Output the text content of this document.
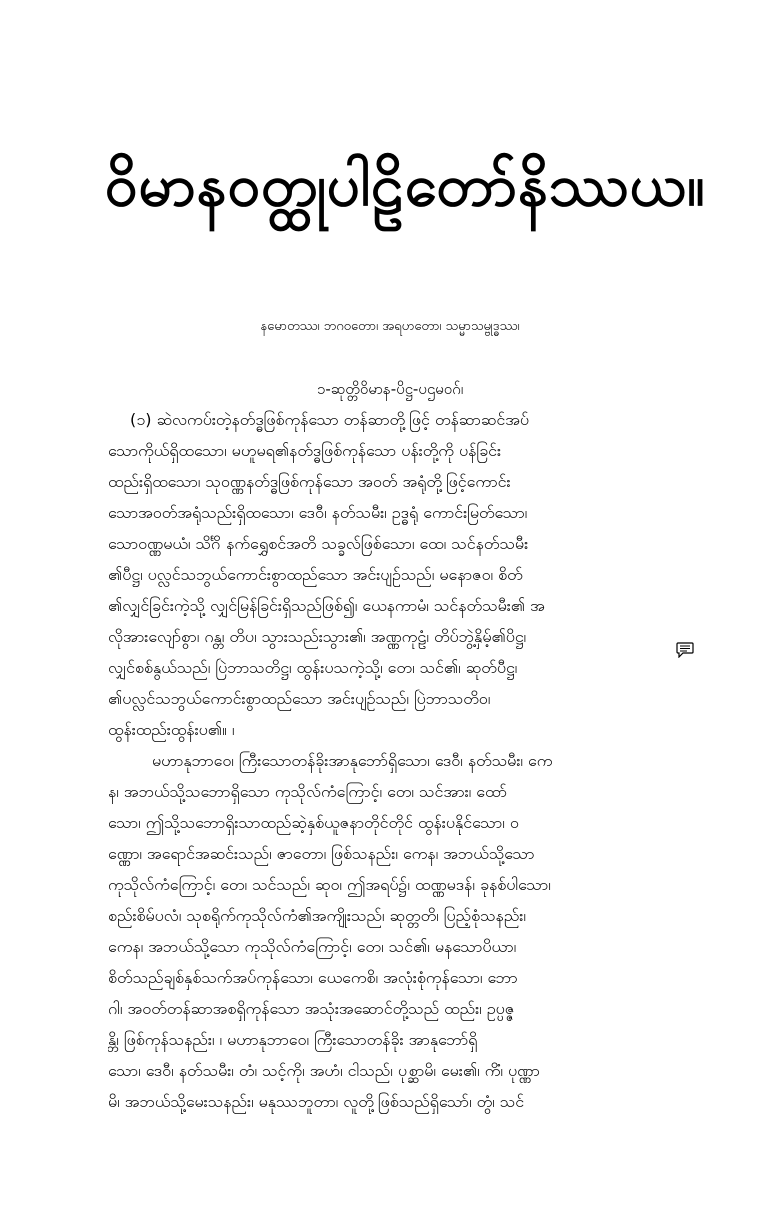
ဝိမာနဝတ္ထုပါဠိတော်နိဿယ။
နမောတဿ၊ ဘဂဝတော၊ အရဟတော၊ သမ္မာသမ္ဗုဒ္ဓဿ၊
၁-ဆုတ္တိဝိမာန-ပိဋ္ဌ-ပဌမဝဂ်၊
(၁) ဆဲလကပ်းတဲ့နတ်ဒ္ဓဖြစ်ကုန်သော တန်ဆာတို့ဖြင့် တန်ဆာဆင်အပ်
သောကိုယ်ရှိထသော၊ မဟူမရ၏နတ်ဒ္ဓဖြစ်ကုန်သော ပန်းတို့ကို ပန်ခြင်း
ထည်းရှိထသော၊ သုဝဏ္ဏနတ်ဒ္ဓဖြစ်ကုန်သော အဝတ် အရုံတို့ဖြင့်ကောင်း
သောအဝတ်အရုံသည်းရှိထသော၊ ဒေဝီ၊ နတ်သမီး၊ ဥဒ္ဓရုံ ကောင်းမြတ်သော၊
သောဝဏ္ဏမယံ၊ သိင်္ဂိ နက်ရွှေစင်အတိ သခ္ခလ်ဖြစ်သော၊ ထေ၊ သင်နတ်သမီး
၏ပီဋ္ဌ၊ ပလ္လင်သဘွယ်ကောင်းစွာထည်သော အင်းပျဉ်သည်၊ မနောဇဝ၊ စိတ်
၏လျှင်ခြင်းကဲ့သို့ လျှင်မြန်ခြင်းရှိသည်ဖြစ်၍၊ ယေနကာမံ၊ သင်နတ်သမီး၏ အ
လိုအားလျော်စွာ၊ ဂန္တ၊ တိပ၊ သွားသည်းသွား၏၊ အဏ္ဏကုဠံ၊ တိပ်ဘွဲ့နှိမ့်၏ပိဋ္ဌ၊
လျှင်စစ်နွယ်သည်၊ ပြဲဘာသတိဋ္ဌ၊ ထွန်းပသကဲ့သို့၊ တေ၊ သင်၏၊ ဆုတ်ပီဋ္ဌ၊
၏ပလ္လင်သဘွယ်ကောင်းစွာထည်သော အင်းပျဉ်သည်၊ ပြဲဘာသတိဝ၊
ထွန်းထည်းထွန်းပ၏။ ၊
မဟာနုဘာဝေ၊ ကြီးသောတန်ခိုးအာနုဘော်ရှိသော၊ ဒေဝီ၊ နတ်သမီး၊ ကေ
န၊ အဘယ်သို့သဘောရှိသော ကုသိုလ်ကံကြောင့်၊ တေ၊ သင်အား၊ ထော်
သော၊ ဤသို့သဘောရှိးသာထည်ဆဲ့နှစ်ယူဇနာတိုင်တိုင် ထွန်းပနိုင်သော၊ ဝ
ဏ္ဏော၊ အရောင်အဆင်းသည်၊ ဇာတော၊ ဖြစ်သနည်း၊ ကေန၊ အဘယ်သို့သော
ကုသိုလ်ကံကြောင့်၊ တေ၊ သင်သည်၊ ဆုဝ၊ ဤအရပ်၌၊ ထဏ္ဏမဒန်၊ ခုနစ်ပါသော၊
စည်းစိမ်ပလံ၊ သုစရိုက်ကုသိုလ်ကံ၏အကျိုးသည်၊ ဆုတ္တတိ၊ ပြည့်စုံသနည်း၊
ကေန၊ အဘယ်သို့သော ကုသိုလ်ကံကြောင့်၊ တေ၊ သင်၏၊ မနသောပိယာ၊
စိတ်သည်ချစ်နှစ်သက်အပ်ကုန်သော၊ ယေကေစိ၊ အလုံးစုံကုန်သော၊ ဘော
ဂါ၊ အဝတ်တန်ဆာအစရှိကုန်သော အသုံးအဆောင်တို့သည် ထည်း၊ ဥပ္ပဇ္ဇ
န္တိ၊ ဖြစ်ကုန်သနည်း၊ ၊ မဟာနုဘာဝေ၊ ကြီးသောတန်ခိုး အာနုဘော်ရှိ
သော၊ ဒေဝီ၊ နတ်သမီး၊ တံ၊ သင့်ကို၊ အဟံ၊ ငါသည်၊ ပုစ္ဆာမိ၊ မေး၏၊ ကိံ၊ ပုဏ္ဏာ
မိ၊ အဘယ်သို့မေးသနည်း၊ မနုဿဘူတာ၊ လူတို့ဖြစ်သည်ရှိသော်၊ တွံ၊ သင်
